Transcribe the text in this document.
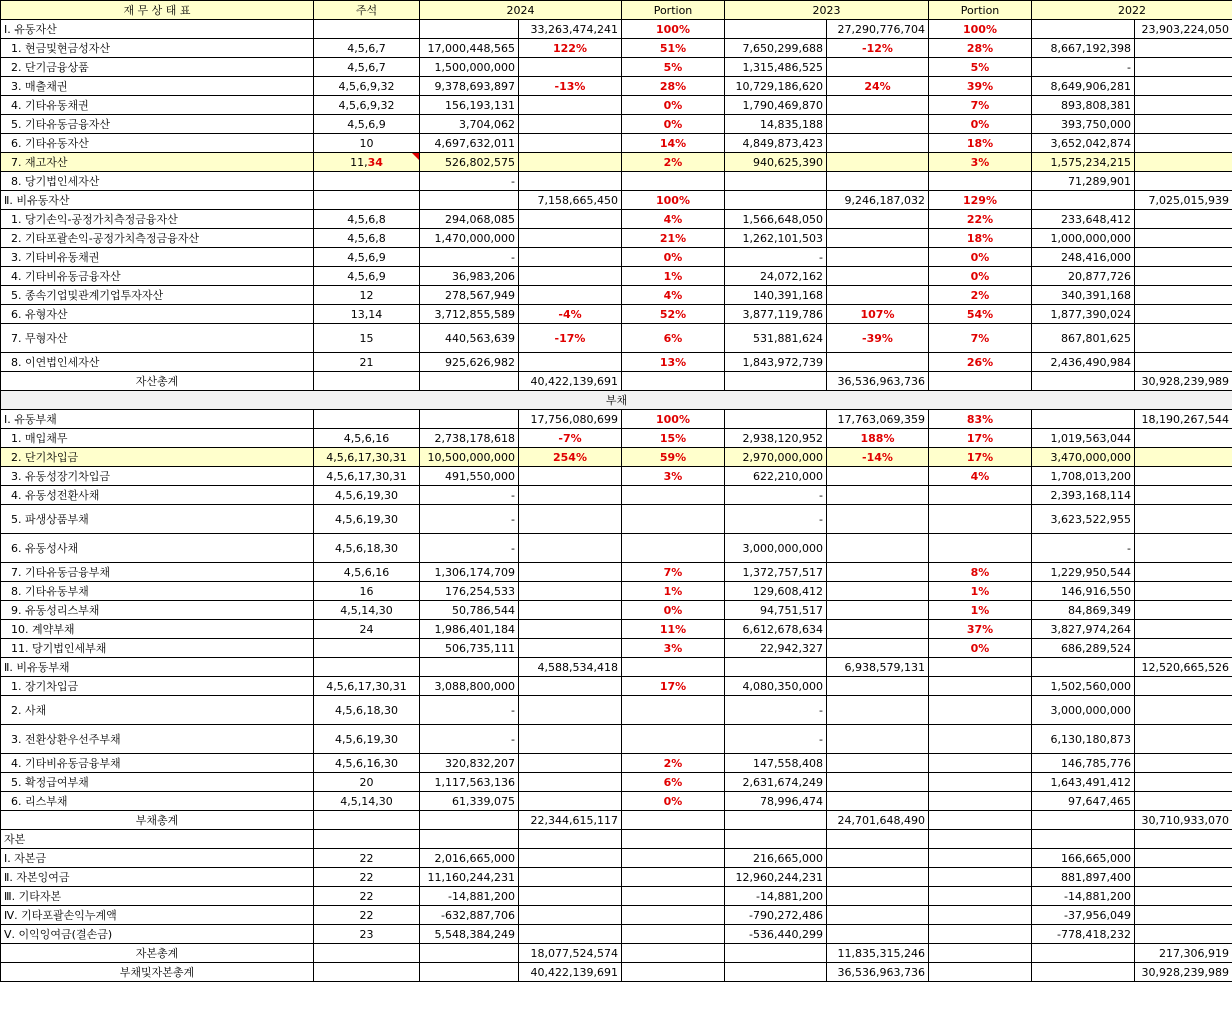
재 무 상 태 표	주석	2024		Portion	2023		Portion	2022	
Ⅰ. 유동자산			33,263,474,241	100%		27,290,776,704	100%		23,903,224,050
1. 현금및현금성자산	4,5,6,7	17,000,448,565	122%	51%	7,650,299,688	-12%	28%	8,667,192,398	
2. 단기금융상품	4,5,6,7	1,500,000,000		5%	1,315,486,525		5%	-	
3. 매출채권	4,5,6,9,32	9,378,693,897	-13%	28%	10,729,186,620	24%	39%	8,649,906,281	
4. 기타유동채권	4,5,6,9,32	156,193,131		0%	1,790,469,870		7%	893,808,381	
5. 기타유동금융자산	4,5,6,9	3,704,062		0%	14,835,188		0%	393,750,000	
6. 기타유동자산	10	4,697,632,011		14%	4,849,873,423		18%	3,652,042,874	
7. 재고자산	11,34	526,802,575		2%	940,625,390		3%	1,575,234,215	
8. 당기법인세자산		-						71,289,901	
Ⅱ. 비유동자산			7,158,665,450	100%		9,246,187,032	129%		7,025,015,939
1. 당기손익-공정가치측정금융자산	4,5,6,8	294,068,085		4%	1,566,648,050		22%	233,648,412	
2. 기타포괄손익-공정가치측정금융자산	4,5,6,8	1,470,000,000		21%	1,262,101,503		18%	1,000,000,000	
3. 기타비유동채권	4,5,6,9	-		0%	-		0%	248,416,000	
4. 기타비유동금융자산	4,5,6,9	36,983,206		1%	24,072,162		0%	20,877,726	
5. 종속기업및관계기업투자자산	12	278,567,949		4%	140,391,168		2%	340,391,168	
6. 유형자산	13,14	3,712,855,589	-4%	52%	3,877,119,786	107%	54%	1,877,390,024	
7. 무형자산	15	440,563,639	-17%	6%	531,881,624	-39%	7%	867,801,625	
8. 이연법인세자산	21	925,626,982		13%	1,843,972,739		26%	2,436,490,984	
자산총계			40,422,139,691			36,536,963,736			30,928,239,989
부채									
Ⅰ. 유동부채			17,756,080,699	100%		17,763,069,359	83%		18,190,267,544
1. 매입채무	4,5,6,16	2,738,178,618	-7%	15%	2,938,120,952	188%	17%	1,019,563,044	
2. 단기차입금	4,5,6,17,30,31	10,500,000,000	254%	59%	2,970,000,000	-14%	17%	3,470,000,000	
3. 유동성장기차입금	4,5,6,17,30,31	491,550,000		3%	622,210,000		4%	1,708,013,200	
4. 유동성전환사채	4,5,6,19,30	-			-			2,393,168,114	
5. 파생상품부채	4,5,6,19,30	-			-			3,623,522,955	
6. 유동성사채	4,5,6,18,30	-			3,000,000,000			-	
7. 기타유동금융부채	4,5,6,16	1,306,174,709		7%	1,372,757,517		8%	1,229,950,544	
8. 기타유동부채	16	176,254,533		1%	129,608,412		1%	146,916,550	
9. 유동성리스부채	4,5,14,30	50,786,544		0%	94,751,517		1%	84,869,349	
10. 계약부채	24	1,986,401,184		11%	6,612,678,634		37%	3,827,974,264	
11. 당기법인세부채		506,735,111		3%	22,942,327		0%	686,289,524	
Ⅱ. 비유동부채			4,588,534,418			6,938,579,131			12,520,665,526
1. 장기차입금	4,5,6,17,30,31	3,088,800,000		17%	4,080,350,000			1,502,560,000	
2. 사채	4,5,6,18,30	-			-			3,000,000,000	
3. 전환상환우선주부채	4,5,6,19,30	-			-			6,130,180,873	
4. 기타비유동금융부채	4,5,6,16,30	320,832,207		2%	147,558,408			146,785,776	
5. 확정급여부채	20	1,117,563,136		6%	2,631,674,249			1,643,491,412	
6. 리스부채	4,5,14,30	61,339,075		0%	78,996,474			97,647,465	
부채총계			22,344,615,117			24,701,648,490			30,710,933,070
자본									
Ⅰ. 자본금	22	2,016,665,000			216,665,000			166,665,000	
Ⅱ. 자본잉여금	22	11,160,244,231			12,960,244,231			881,897,400	
Ⅲ. 기타자본	22	-14,881,200			-14,881,200			-14,881,200	
Ⅳ. 기타포괄손익누계액	22	-632,887,706			-790,272,486			-37,956,049	
Ⅴ. 이익잉여금(결손금)	23	5,548,384,249			-536,440,299			-778,418,232	
자본총계			18,077,524,574			11,835,315,246			217,306,919
부채및자본총계			40,422,139,691			36,536,963,736			30,928,239,989
